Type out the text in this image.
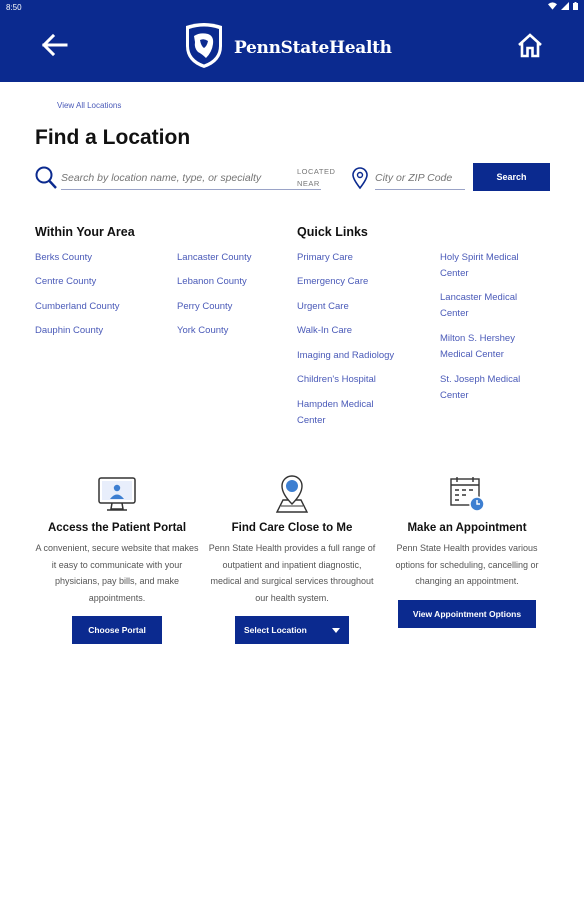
8:50
PennStateHealth
View All Locations
Find a Location
Search by location name, type, or specialty
LOCATED
NEAR
City or ZIP Code
Search
Within Your Area
Berks County
Centre County
Cumberland County
Dauphin County
Lancaster County
Lebanon County
Perry County
York County
Quick Links
Primary Care
Emergency Care
Urgent Care
Walk-In Care
Imaging and Radiology
Children's Hospital
Hampden Medical
Center
Holy Spirit Medical
Center
Lancaster Medical
Center
Milton S. Hershey
Medical Center
St. Joseph Medical
Center
Access the Patient Portal
A convenient, secure website that makes it easy to communicate with your physicians, pay bills, and make appointments.
Choose Portal
Find Care Close to Me
Penn State Health provides a full range of outpatient and inpatient diagnostic, medical and surgical services throughout our health system.
Select Location
Make an Appointment
Penn State Health provides various options for scheduling, cancelling or changing an appointment.
View Appointment Options
